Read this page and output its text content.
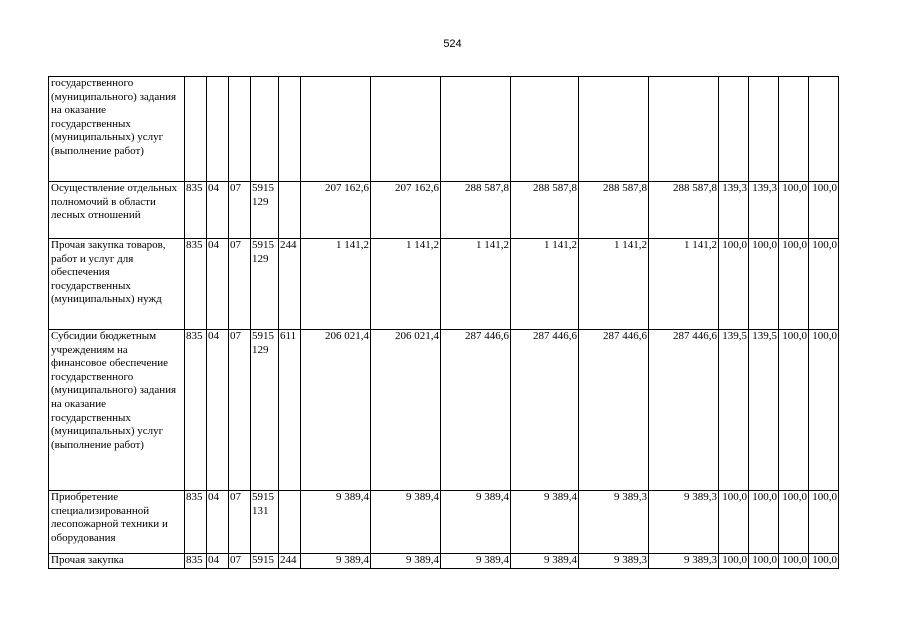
524
государственного (муниципального) задания на оказание государственных (муниципальных) услуг (выполнение работ)															
Осуществление отдельных полномочий в области лесных отношений	835	04	07	5915 129		207 162,6	207 162,6	288 587,8	288 587,8	288 587,8	288 587,8	139,3	139,3	100,0	100,0
Прочая закупка товаров, работ и услуг для обеспечения государственных (муниципальных) нужд	835	04	07	5915 129	244	1 141,2	1 141,2	1 141,2	1 141,2	1 141,2	1 141,2	100,0	100,0	100,0	100,0
Субсидии бюджетным учреждениям на финансовое обеспечение государственного (муниципального) задания на оказание государственных (муниципальных) услуг (выполнение работ)	835	04	07	5915 129	611	206 021,4	206 021,4	287 446,6	287 446,6	287 446,6	287 446,6	139,5	139,5	100,0	100,0
Приобретение специализированной лесопожарной техники и оборудования	835	04	07	5915 131		9 389,4	9 389,4	9 389,4	9 389,4	9 389,3	9 389,3	100,0	100,0	100,0	100,0
Прочая закупка	835	04	07	5915	244	9 389,4	9 389,4	9 389,4	9 389,4	9 389,3	9 389,3	100,0	100,0	100,0	100,0
